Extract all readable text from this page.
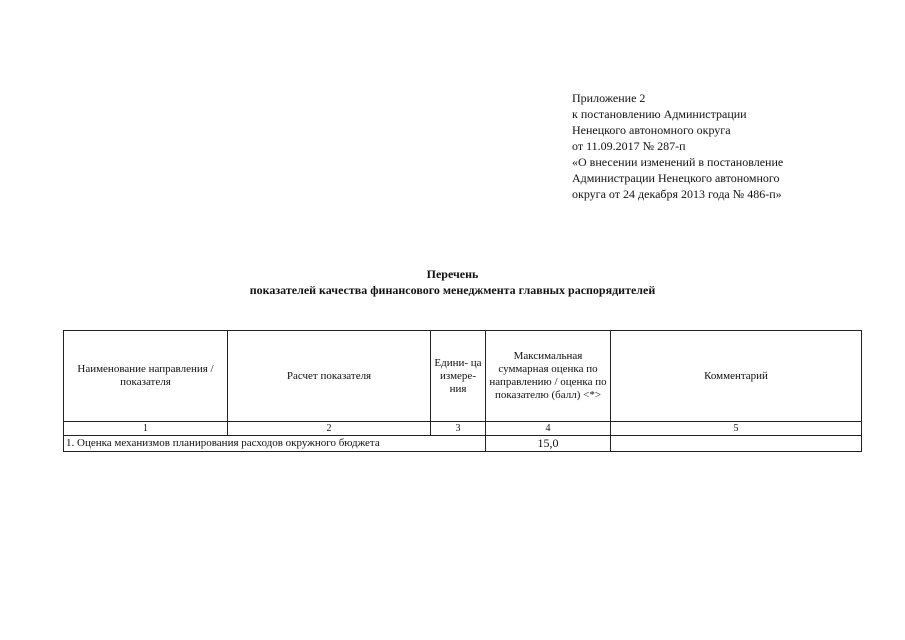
Приложение 2
к постановлению Администрации
Ненецкого автономного округа
от 11.09.2017 № 287-п
«О внесении изменений в постановление
Администрации Ненецкого автономного
округа от 24 декабря 2013 года № 486-п»
Перечень
показателей качества финансового менеджмента главных распорядителей
Наименование направления /показателя	Расчет показателя	Едини- ца измере- ния	Максимальная суммарная оценка по направлению / оценка по показателю (балл) <*>	Комментарий
1	2	3	4	5
1. Оценка механизмов планирования расходов окружного бюджета			15,0	
